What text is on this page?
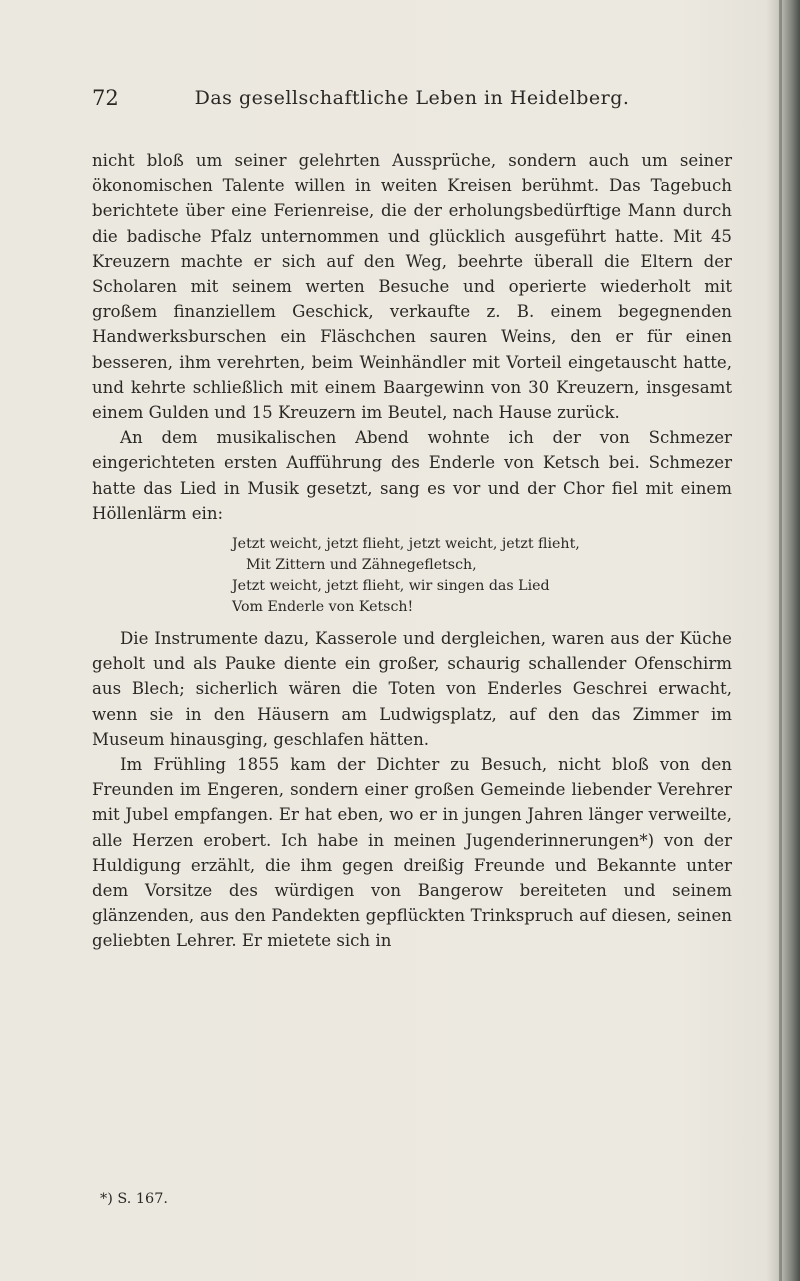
72	Das gesellschaftliche Leben in Heidelberg.

nicht bloß um seiner gelehrten Aussprüche, sondern auch um seiner ökonomischen Talente willen in weiten Kreisen berühmt. Das Tagebuch berichtete über eine Ferienreise, die der erholungsbedürftige Mann durch die badische Pfalz unternommen und glücklich ausgeführt hatte. Mit 45 Kreuzern machte er sich auf den Weg, beehrte überall die Eltern der Scholaren mit seinem werten Besuche und operierte wiederholt mit großem finanziellem Geschick, verkaufte z. B. einem begegnenden Handwerksburschen ein Fläschchen sauren Weins, den er für einen besseren, ihm verehrten, beim Weinhändler mit Vorteil eingetauscht hatte, und kehrte schließlich mit einem Baargewinn von 30 Kreuzern, insgesamt einem Gulden und 15 Kreuzern im Beutel, nach Hause zurück.

An dem musikalischen Abend wohnte ich der von Schmezer eingerichteten ersten Aufführung des Enderle von Ketsch bei. Schmezer hatte das Lied in Musik gesetzt, sang es vor und der Chor fiel mit einem Höllenlärm ein:

Jetzt weicht, jetzt flieht, jetzt weicht, jetzt flieht,
Mit Zittern und Zähnegefletsch,
Jetzt weicht, jetzt flieht, wir singen das Lied
Vom Enderle von Ketsch!

Die Instrumente dazu, Kasserole und dergleichen, waren aus der Küche geholt und als Pauke diente ein großer, schaurig schallender Ofenschirm aus Blech; sicherlich wären die Toten von Enderles Geschrei erwacht, wenn sie in den Häusern am Ludwigsplatz, auf den das Zimmer im Museum hinausging, geschlafen hätten.

Im Frühling 1855 kam der Dichter zu Besuch, nicht bloß von den Freunden im Engeren, sondern einer großen Gemeinde liebender Verehrer mit Jubel empfangen. Er hat eben, wo er in jungen Jahren länger verweilte, alle Herzen erobert. Ich habe in meinen Jugenderinnerungen*) von der Huldigung erzählt, die ihm gegen dreißig Freunde und Bekannte unter dem Vorsitze des würdigen von Bangerow bereiteten und seinem glänzenden, aus den Pandekten gepflückten Trinkspruch auf diesen, seinen geliebten Lehrer. Er mietete sich in

*) S. 167.
